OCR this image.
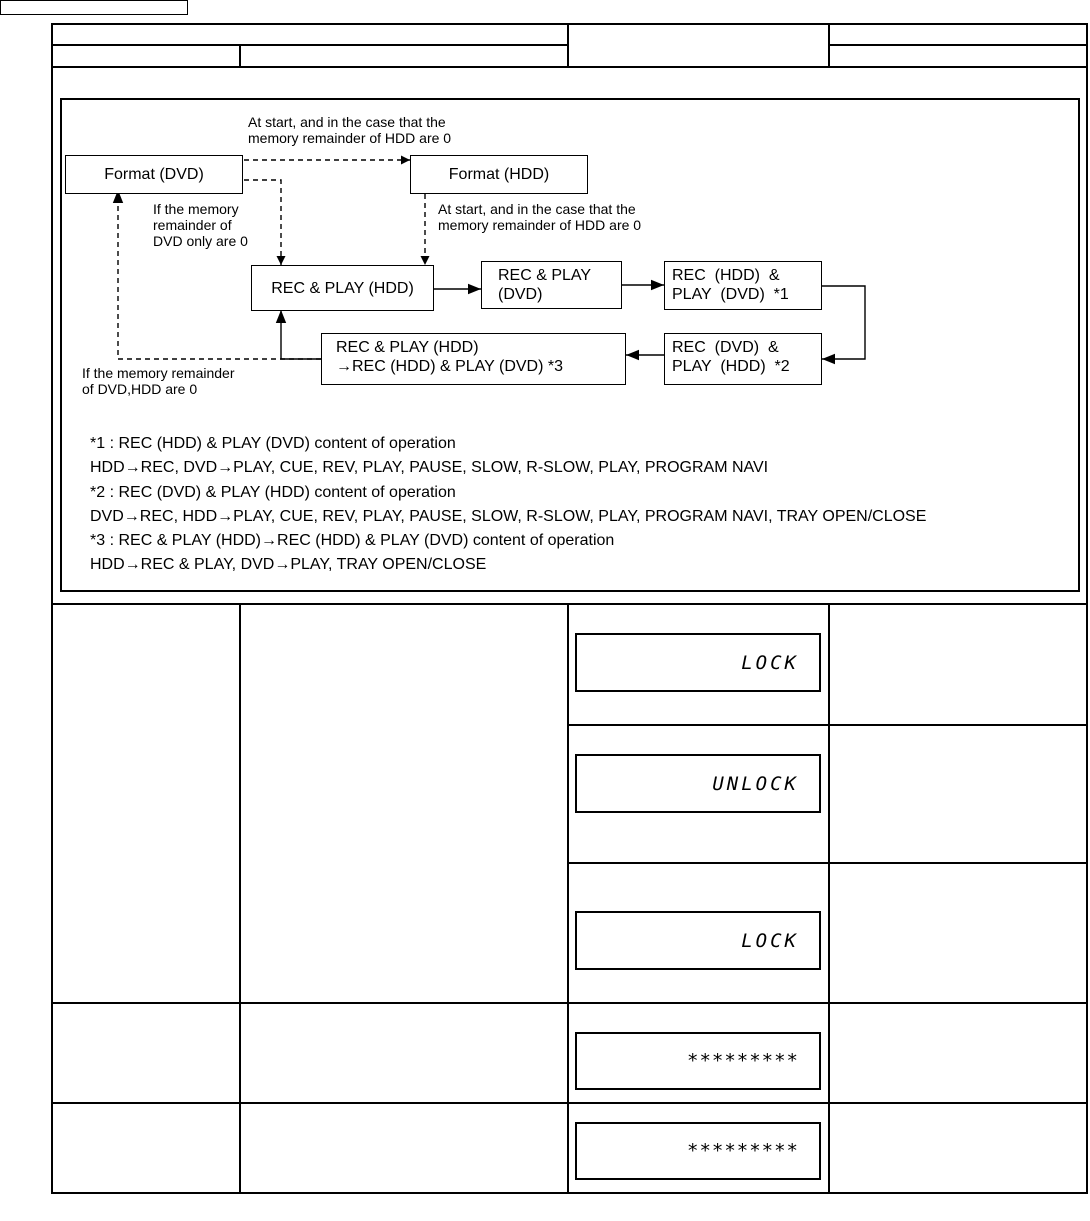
Format (DVD)	Format (HDD)
REC & PLAY (HDD)
REC & PLAY
(DVD)
REC  (HDD)  &
PLAY  (DVD)  *1
REC  (DVD)  &
PLAY  (HDD)  *2
REC & PLAY (HDD)
→REC (HDD) & PLAY (DVD) *3
At start, and in the case that the
memory remainder of HDD are 0
If the memory
remainder of
DVD only are 0
At start, and in the case that the
memory remainder of HDD are 0
If the memory remainder
of DVD,HDD are 0
*1 : REC (HDD) & PLAY (DVD) content of operation
HDD→REC, DVD→PLAY, CUE, REV, PLAY, PAUSE, SLOW, R-SLOW, PLAY, PROGRAM NAVI
*2 : REC (DVD) & PLAY (HDD) content of operation
DVD→REC, HDD→PLAY, CUE, REV, PLAY, PAUSE, SLOW, R-SLOW, PLAY, PROGRAM NAVI, TRAY OPEN/CLOSE
*3 : REC & PLAY (HDD)→REC (HDD) & PLAY (DVD) content of operation
HDD→REC & PLAY, DVD→PLAY, TRAY OPEN/CLOSE
LOCK
UNLOCK
LOCK
*********
*********
